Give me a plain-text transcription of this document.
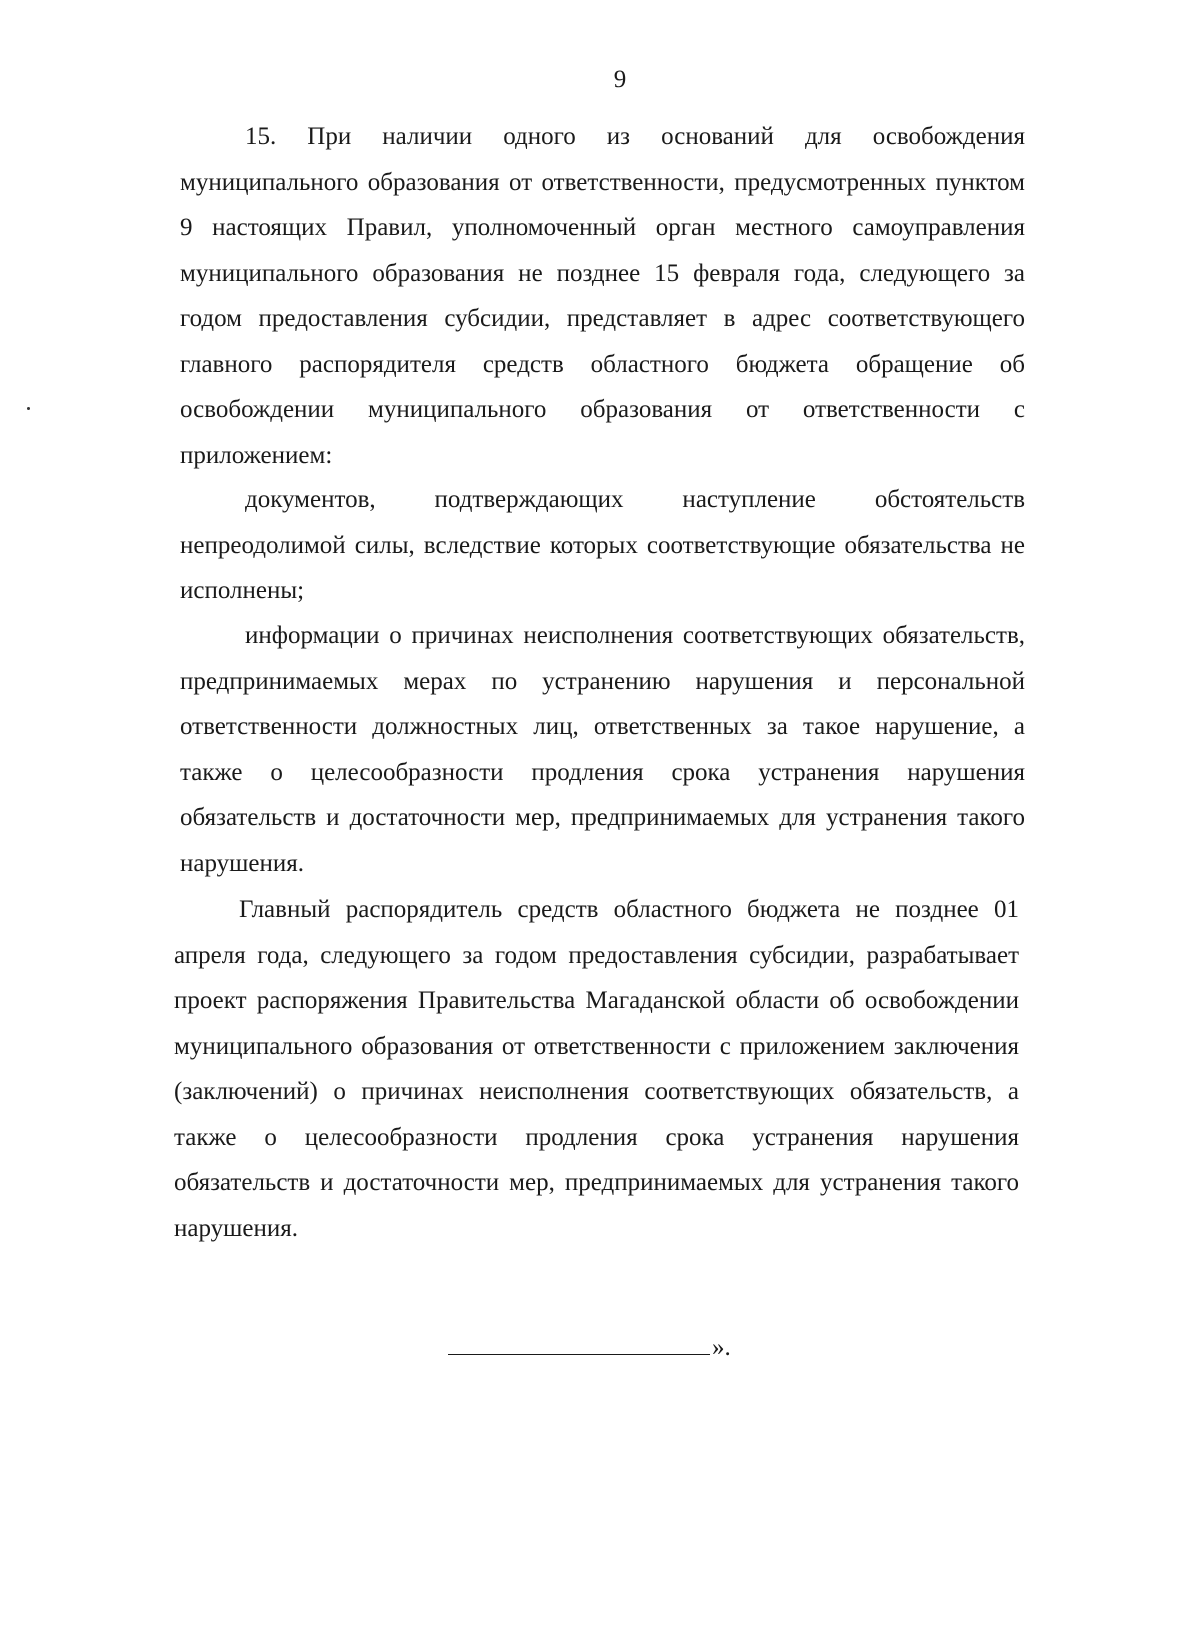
9

15. При наличии одного из оснований для освобождения муниципального образования от ответственности, предусмотренных пунктом 9 настоящих Правил, уполномоченный орган местного самоуправления муниципального образования не позднее 15 февраля года, следующего за годом предоставления субсидии, представляет в адрес соответствующего главного распорядителя средств областного бюджета обращение об освобождении муниципального образования от ответственности с приложением:

документов, подтверждающих наступление обстоятельств непреодолимой силы, вследствие которых соответствующие обязательства не исполнены;

информации о причинах неисполнения соответствующих обязательств, предпринимаемых мерах по устранению нарушения и персональной ответственности должностных лиц, ответственных за такое нарушение, а также о целесообразности продления срока устранения нарушения обязательств и достаточности мер, предпринимаемых для устранения такого нарушения.

Главный распорядитель средств областного бюджета не позднее 01 апреля года, следующего за годом предоставления субсидии, разрабатывает проект распоряжения Правительства Магаданской области об освобождении муниципального образования от ответственности с приложением заключения (заключений) о причинах неисполнения соответствующих обязательств, а также о целесообразности продления срока устранения нарушения обязательств и достаточности мер, предпринимаемых для устранения такого нарушения.

».
